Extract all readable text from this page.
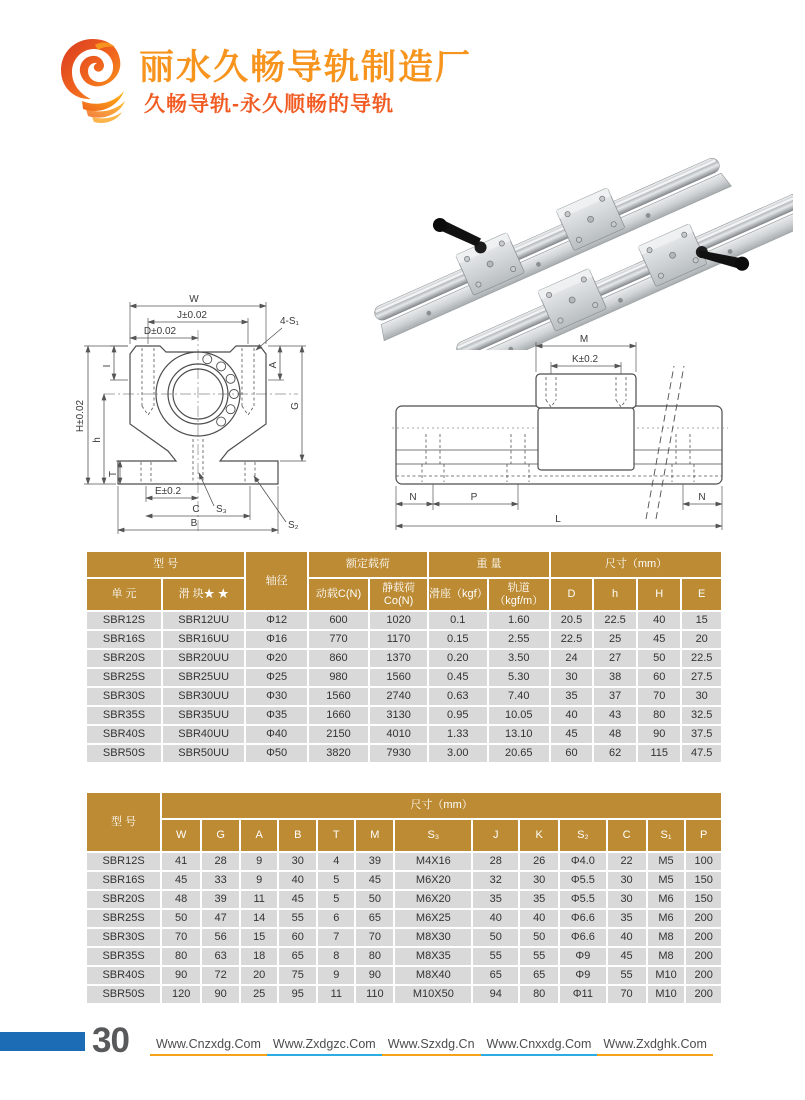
丽水久畅导轨制造厂
久畅导轨-永久顺畅的导轨
W
J±0.02
D±0.02
4-S₁
I	A
G
H±0.02
h
T
E±0.2
S₃
C
S₂
B
M
K±0.2
N	P	N
L
型 号		轴径	额定载荷		重 量		尺寸（mm）			
单 元	滑 块★ ★		动载C(N)	静载荷Co(N)	滑座（kgf）	轨道（kgf/m）	D	h	H	E
SBR12S	SBR12UU	Φ12	600	1020	0.1	1.60	20.5	22.5	40	15
SBR16S	SBR16UU	Φ16	770	1170	0.15	2.55	22.5	25	45	20
SBR20S	SBR20UU	Φ20	860	1370	0.20	3.50	24	27	50	22.5
SBR25S	SBR25UU	Φ25	980	1560	0.45	5.30	30	38	60	27.5
SBR30S	SBR30UU	Φ30	1560	2740	0.63	7.40	35	37	70	30
SBR35S	SBR35UU	Φ35	1660	3130	0.95	10.05	40	43	80	32.5
SBR40S	SBR40UU	Φ40	2150	4010	1.33	13.10	45	48	90	37.5
SBR50S	SBR50UU	Φ50	3820	7930	3.00	20.65	60	62	115	47.5
型 号	尺寸（mm）												
	W	G	A	B	T	M	S₃	J	K	S₂	C	S₁	P
SBR12S	41	28	9	30	4	39	M4X16	28	26	Φ4.0	22	M5	100
SBR16S	45	33	9	40	5	45	M6X20	32	30	Φ5.5	30	M5	150
SBR20S	48	39	11	45	5	50	M6X20	35	35	Φ5.5	30	M6	150
SBR25S	50	47	14	55	6	65	M6X25	40	40	Φ6.6	35	M6	200
SBR30S	70	56	15	60	7	70	M8X30	50	50	Φ6.6	40	M8	200
SBR35S	80	63	18	65	8	80	M8X35	55	55	Φ9	45	M8	200
SBR40S	90	72	20	75	9	90	M8X40	65	65	Φ9	55	M10	200
SBR50S	120	90	25	95	11	110	M10X50	94	80	Φ11	70	M10	200
30	Www.Cnzxdg.Com Www.Zxdgzc.Com Www.Szxdg.Cn Www.Cnxxdg.Com Www.Zxdghk.Com
